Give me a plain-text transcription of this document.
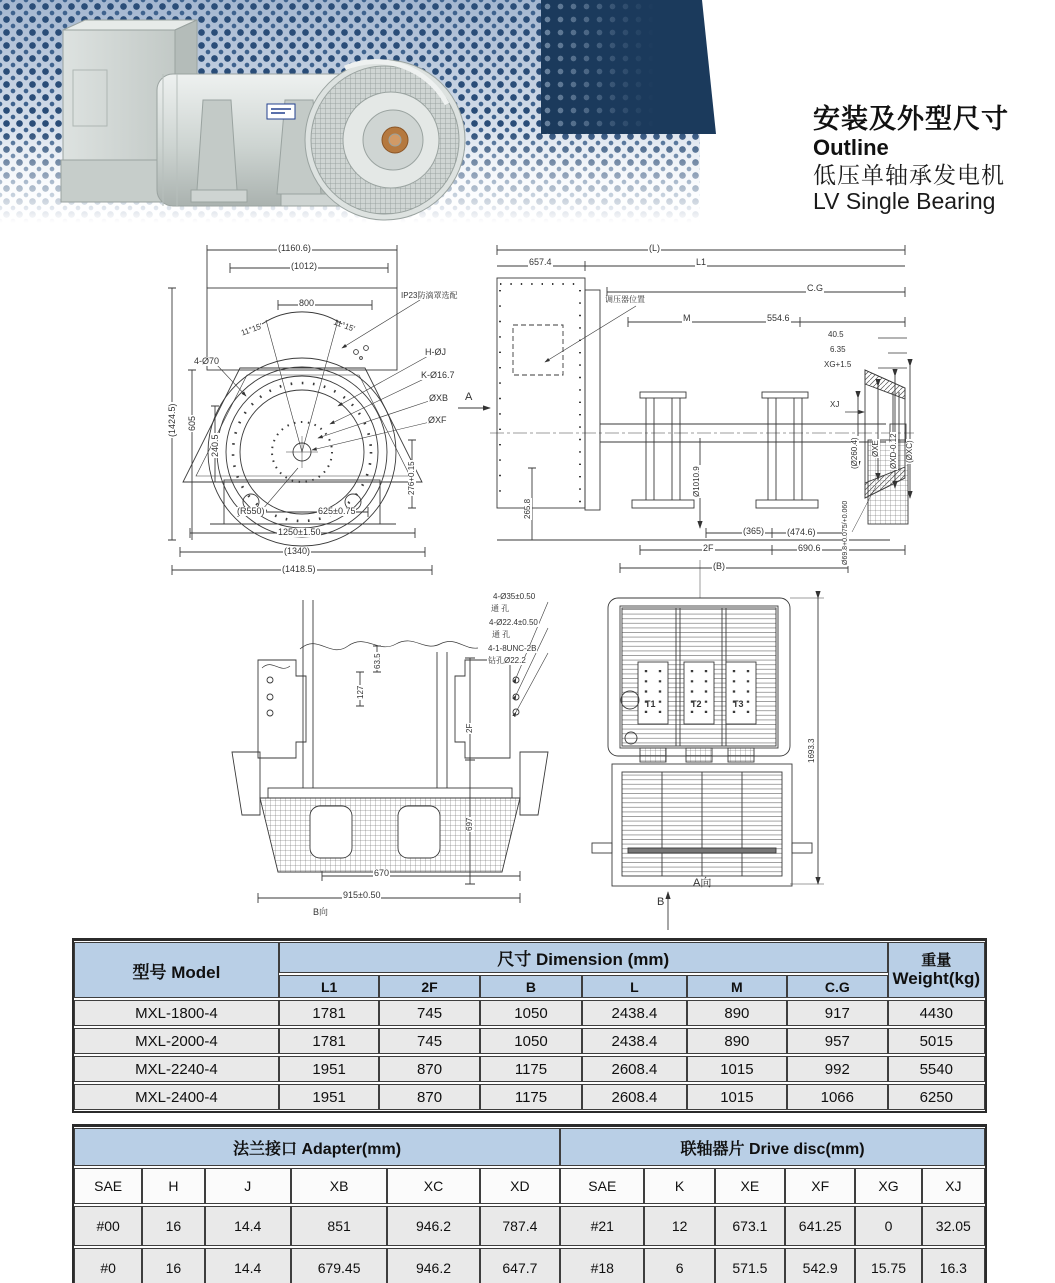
安装及外型尺寸
Outline
低压单轴承发电机
LV Single Bearing
(1160.6)
(1012)
800
11°15′	11°15′
IP23防滴罩选配
H-ØJ
K-Ø16.7
ØXB
ØXF
(1424.5) 605
4-Ø70
240.5
276+0.15
(R550)	625±0.75
1250±1.50
(1340)
(1418.5)
(L)
657.4	L1
C.G
M	554.6
40.5
6.35
XG+1.5
调压器位置
A
XJ
(Ø260.4) ØXE ØXD-0.12 (ØXC)
Ø1010.9
265.8	Ø69.8+0.075/+0.060
(365)	(474.6)
2F	690.6
(B)
4-Ø35±0.50
通 孔
4-Ø22.4±0.50
通 孔
4-1-8UNC-2B
钻孔Ø22.2
63.5
127
2F
697
670
915±0.50
B向
T1	T2	T3
1693.3
A向
B
型号 Model	尺寸 Dimension (mm)						重量
Weight(kg)

	L1	2F	B	L	M	C.G	
MXL-1800-4	1781	745	1050	2438.4	890	917	4430
MXL-2000-4	1781	745	1050	2438.4	890	957	5015
MXL-2240-4	1951	870	1175	2608.4	1015	992	5540
MXL-2400-4	1951	870	1175	2608.4	1015	1066	6250
法兰接口 Adapter(mm)						联轴器片 Drive disc(mm)					
SAE	H	J	XB	XC	XD	SAE	K	XE	XF	XG	XJ
#00	16	14.4	851	946.2	787.4	#21	12	673.1	641.25	0	32.05
#0	16	14.4	679.45	946.2	647.7	#18	6	571.5	542.9	15.75	16.3
